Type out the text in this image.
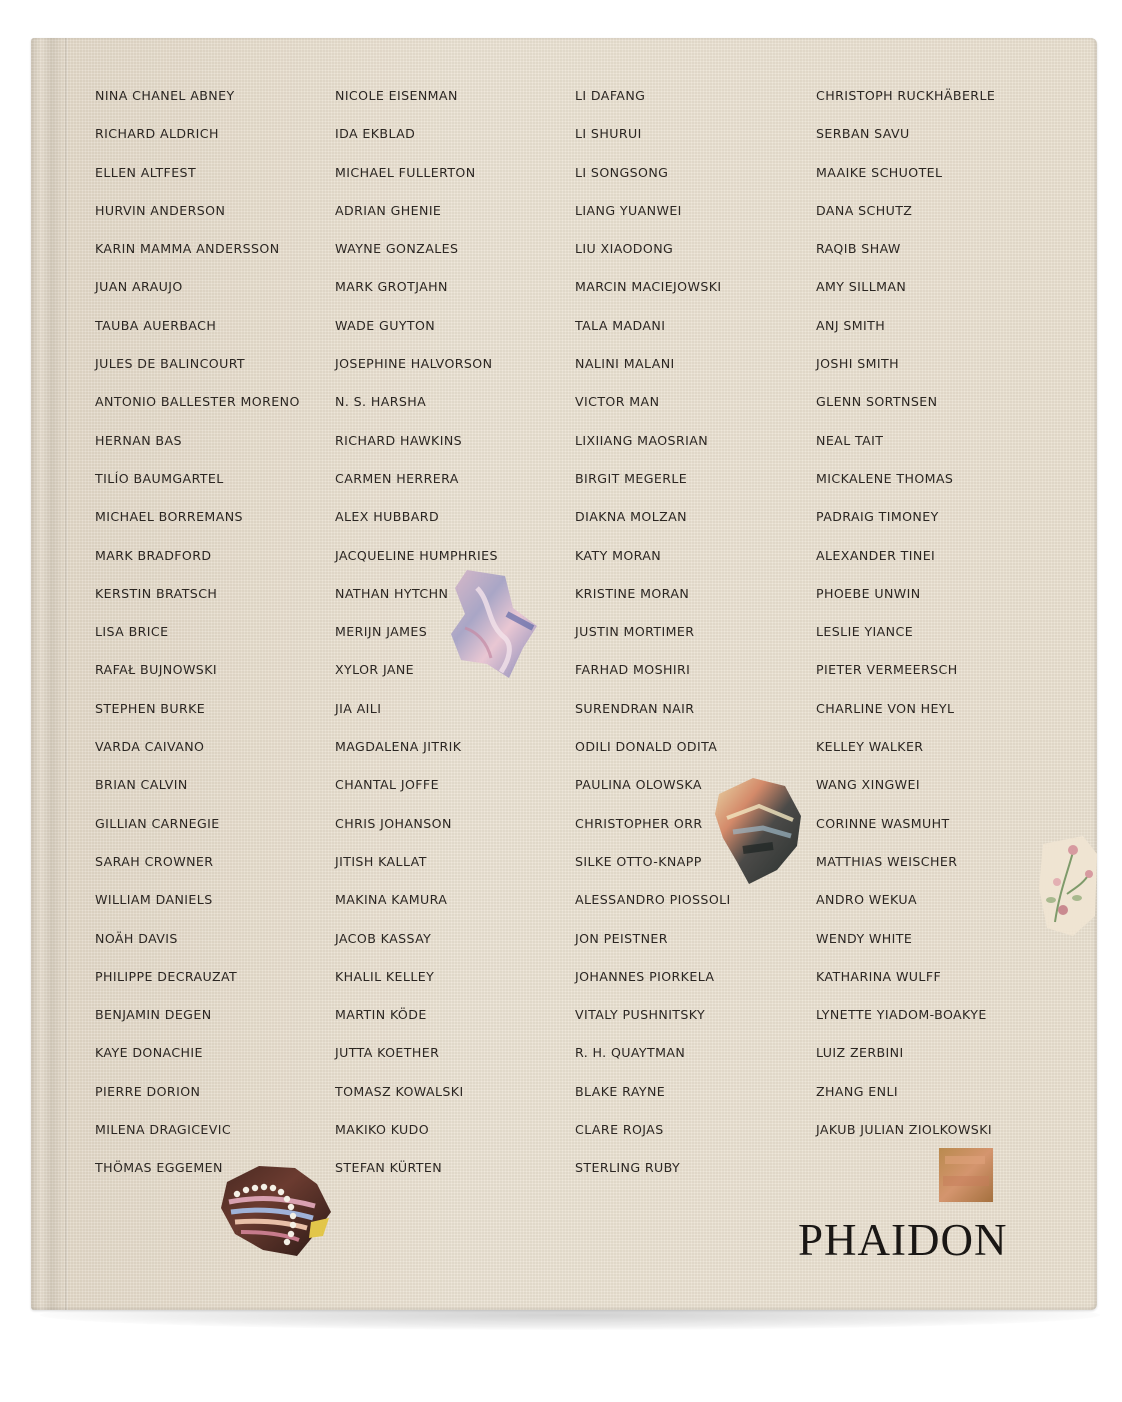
NINA CHANEL ABNEY
RICHARD ALDRICH
ELLEN ALTFEST
HURVIN ANDERSON
KARIN MAMMA ANDERSSON
JUAN ARAUJO
TAUBA AUERBACH
JULES DE BALINCOURT
ANTONIO BALLESTER MORENO
HERNAN BAS
TILÍO BAUMGARTEL
MICHAEL BORREMANS
MARK BRADFORD
KERSTIN BRATSCH
LISA BRICE
RAFAŁ BUJNOWSKI
STEPHEN BURKE
VARDA CAIVANO
BRIAN CALVIN
GILLIAN CARNEGIE
SARAH CROWNER
WILLIAM DANIELS
NOÄH DAVIS
PHILIPPE DECRAUZAT
BENJAMIN DEGEN
KAYE DONACHIE
PIERRE DORION
MILENA DRAGICEVIC
THÖMAS EGGEMEN
NICOLE EISENMAN
IDA EKBLAD
MICHAEL FULLERTON
ADRIAN GHENIE
WAYNE GONZALES
MARK GROTJAHN
WADE GUYTON
JOSEPHINE HALVORSON
N. S. HARSHA
RICHARD HAWKINS
CARMEN HERRERA
ALEX HUBBARD
JACQUELINE HUMPHRIES
NATHAN HYTCHN
MERIJN JAMES
XYLOR JANE
JIA AILI
MAGDALENA JITRIK
CHANTAL JOFFE
CHRIS JOHANSON
JITISH KALLAT
MAKINA KAMURA
JACOB KASSAY
KHALIL KELLEY
MARTIN KÖDE
JUTTA KOETHER
TOMASZ KOWALSKI
MAKIKO KUDO
STEFAN KÜRTEN
LI DAFANG
LI SHURUI
LI SONGSONG
LIANG YUANWEI
LIU XIAODONG
MARCIN MACIEJOWSKI
TALA MADANI
NALINI MALANI
VICTOR MAN
LIXIIANG MAOSRIAN
BIRGIT MEGERLE
DIAKNA MOLZAN
KATY MORAN
KRISTINE MORAN
JUSTIN MORTIMER
FARHAD MOSHIRI
SURENDRAN NAIR
ODILI DONALD ODITA
PAULINA OLOWSKA
CHRISTOPHER ORR
SILKE OTTO-KNAPP
ALESSANDRO PIOSSOLI
JON PEISTNER
JOHANNES PIORKELA
VITALY PUSHNITSKY
R. H. QUAYTMAN
BLAKE RAYNE
CLARE ROJAS
STERLING RUBY
CHRISTOPH RUCKHÄBERLE
SERBAN SAVU
MAAIKE SCHUOTEL
DANA SCHUTZ
RAQIB SHAW
AMY SILLMAN
ANJ SMITH
JOSHI SMITH
GLENN SORTNSEN
NEAL TAIT
MICKALENE THOMAS
PADRAIG TIMONEY
ALEXANDER TINEI
PHOEBE UNWIN
LESLIE YIANCE
PIETER VERMEERSCH
CHARLINE VON HEYL
KELLEY WALKER
WANG XINGWEI
CORINNE WASMUHT
MATTHIAS WEISCHER
ANDRO WEKUA
WENDY WHITE
KATHARINA WULFF
LYNETTE YIADOM-BOAKYE
LUIZ ZERBINI
ZHANG ENLI
JAKUB JULIAN ZIOLKOWSKI
PHAIDON
